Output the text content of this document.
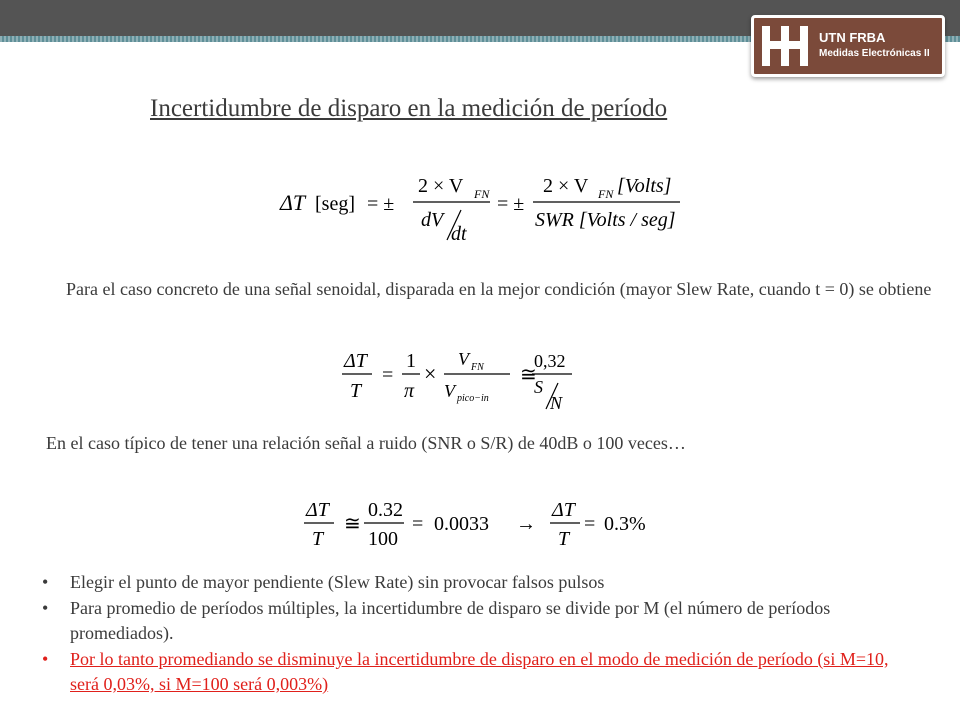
UTN FRBA
Medidas Electrónicas II
Incertidumbre de disparo en la medición de período
ΔT [seg] = ±
2 × V FN
dV
dt
= ±
2 × V FN [Volts]
SWR [Volts / seg]
Para el caso concreto de una señal senoidal, disparada en la mejor condición (mayor Slew Rate, cuando t = 0) se obtiene
ΔT
T
=
1
π
×
V FN
V pico−in
≅
0,32
S
N
En el caso típico de tener una relación señal a ruido (SNR o S/R) de 40dB o 100 veces…
ΔT
T
≅
0.32
100
= 0.0033 →
ΔT
T
= 0.3%
• Elegir el punto de mayor pendiente (Slew Rate) sin provocar falsos pulsos
• Para promedio de períodos múltiples, la incertidumbre de disparo se divide por M (el número de períodos promediados).
• Por lo tanto promediando se disminuye la incertidumbre de disparo en el modo de medición de período (si M=10, será 0,03%, si M=100 será 0,003%)
